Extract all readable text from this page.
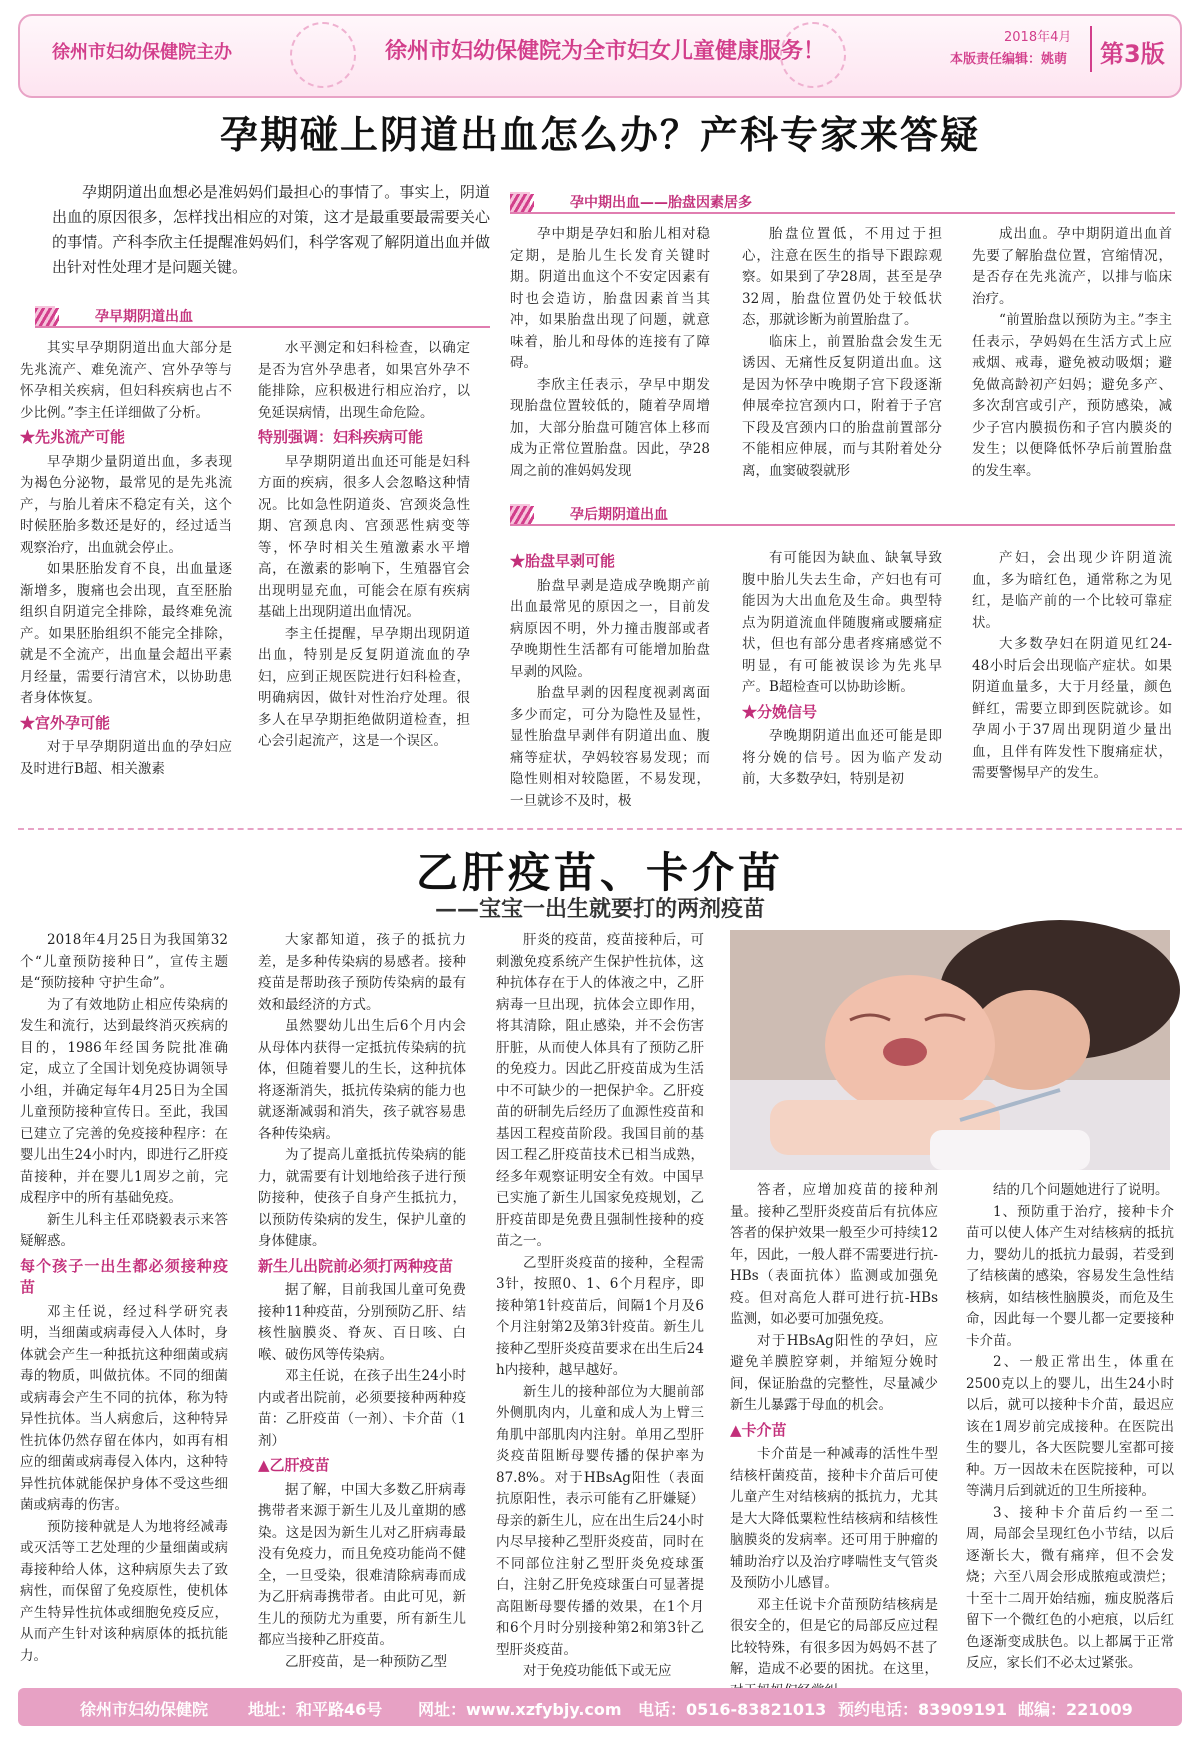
徐州市妇幼保健院主办	徐州市妇幼保健院为全市妇女儿童健康服务！
2018年4月
本版责任编辑：姚萌 第3版
孕期碰上阴道出血怎么办？产科专家来答疑

孕期阴道出血想必是准妈妈们最担心的事情了。事实上，阴道出血的原因很多，怎样找出相应的对策，这才是最重要最需要关心的事情。产科李欣主任提醒准妈妈们，科学客观了解阴道出血并做出针对性处理才是问题关键。

孕早期阴道出血

其实早孕期阴道出血大部分是先兆流产、难免流产、宫外孕等与怀孕相关疾病，但妇科疾病也占不少比例。”李主任详细做了分析。

★先兆流产可能

早孕期少量阴道出血，多表现为褐色分泌物，最常见的是先兆流产，与胎儿着床不稳定有关，这个时候胚胎多数还是好的，经过适当观察治疗，出血就会停止。

如果胚胎发育不良，出血量逐渐增多，腹痛也会出现，直至胚胎组织自阴道完全排除，最终难免流产。如果胚胎组织不能完全排除，就是不全流产，出血量会超出平素月经量，需要行清宫术，以协助患者身体恢复。

★宫外孕可能

对于早孕期阴道出血的孕妇应及时进行B超、相关激素

水平测定和妇科检查，以确定是否为宫外孕患者，如果宫外孕不能排除，应积极进行相应治疗，以免延误病情，出现生命危险。

特别强调：妇科疾病可能

早孕期阴道出血还可能是妇科方面的疾病，很多人会忽略这种情况。比如急性阴道炎、宫颈炎急性期、宫颈息肉、宫颈恶性病变等等，怀孕时相关生殖激素水平增高，在激素的影响下，生殖器官会出现明显充血，可能会在原有疾病基础上出现阴道出血情况。

李主任提醒，早孕期出现阴道出血，特别是反复阴道流血的孕妇，应到正规医院进行妇科检查，明确病因，做针对性治疗处理。很多人在早孕期拒绝做阴道检查，担心会引起流产，这是一个误区。

孕中期出血——胎盘因素居多

孕中期是孕妇和胎儿相对稳定期，是胎儿生长发育关键时期。阴道出血这个不安定因素有时也会造访，胎盘因素首当其冲，如果胎盘出现了问题，就意味着，胎儿和母体的连接有了障碍。

李欣主任表示，孕早中期发现胎盘位置较低的，随着孕周增加，大部分胎盘可随宫体上移而成为正常位置胎盘。因此，孕28周之前的准妈妈发现

胎盘位置低，不用过于担心，注意在医生的指导下跟踪观察。如果到了孕28周，甚至是孕32周，胎盘位置仍处于较低状态，那就诊断为前置胎盘了。

临床上，前置胎盘会发生无诱因、无痛性反复阴道出血。这是因为怀孕中晚期子宫下段逐渐伸展牵拉宫颈内口，附着于子宫下段及宫颈内口的胎盘前置部分不能相应伸展，而与其附着处分离，血窦破裂就形

成出血。孕中期阴道出血首先要了解胎盘位置，宫缩情况，是否存在先兆流产，以排与临床治疗。

“前置胎盘以预防为主。”李主任表示，孕妈妈在生活方式上应戒烟、戒毒，避免被动吸烟；避免做高龄初产妇妈；避免多产、多次刮宫或引产，预防感染，减少子宫内膜损伤和子宫内膜炎的发生；以便降低怀孕后前置胎盘的发生率。

孕后期阴道出血

★胎盘早剥可能

胎盘早剥是造成孕晚期产前出血最常见的原因之一，目前发病原因不明，外力撞击腹部或者孕晚期性生活都有可能增加胎盘早剥的风险。

胎盘早剥的因程度视剥离面多少而定，可分为隐性及显性，显性胎盘早剥伴有阴道出血、腹痛等症状，孕妈较容易发现；而隐性则相对较隐匿，不易发现，一旦就诊不及时，极

有可能因为缺血、缺氧导致腹中胎儿失去生命，产妇也有可能因为大出血危及生命。典型特点为阴道流血伴随腹痛或腰痛症状，但也有部分患者疼痛感觉不明显，有可能被误诊为先兆早产。B超检查可以协助诊断。

★分娩信号

孕晚期阴道出血还可能是即将分娩的信号。因为临产发动前，大多数孕妇，特别是初

产妇，会出现少许阴道流血，多为暗红色，通常称之为见红，是临产前的一个比较可靠症状。

大多数孕妇在阴道见红24-48小时后会出现临产症状。如果阴道血量多，大于月经量，颜色鲜红，需要立即到医院就诊。如孕周小于37周出现阴道少量出血，且伴有阵发性下腹痛症状，需要警惕早产的发生。

乙肝疫苗、卡介苗
——宝宝一出生就要打的两剂疫苗

2018年4月25日为我国第32个“儿童预防接种日”，宣传主题是“预防接种 守护生命”。

为了有效地防止相应传染病的发生和流行，达到最终消灭疾病的目的，1986年经国务院批准确定，成立了全国计划免疫协调领导小组，并确定每年4月25日为全国儿童预防接种宣传日。至此，我国已建立了完善的免疫接种程序：在婴儿出生24小时内，即进行乙肝疫苗接种，并在婴儿1周岁之前，完成程序中的所有基础免疫。

新生儿科主任邓晓毅表示来答疑解惑。

每个孩子一出生都必须接种疫苗

邓主任说，经过科学研究表明，当细菌或病毒侵入人体时，身体就会产生一种抵抗这种细菌或病毒的物质，叫做抗体。不同的细菌或病毒会产生不同的抗体，称为特异性抗体。当人病愈后，这种特异性抗体仍然存留在体内，如再有相应的细菌或病毒侵入体内，这种特异性抗体就能保护身体不受这些细菌或病毒的伤害。

预防接种就是人为地将经减毒或灭活等工艺处理的少量细菌或病毒接种给人体，这种病原失去了致病性，而保留了免疫原性，使机体产生特异性抗体或细胞免疫反应，从而产生针对该种病原体的抵抗能力。

大家都知道，孩子的抵抗力差，是多种传染病的易感者。接种疫苗是帮助孩子预防传染病的最有效和最经济的方式。

虽然婴幼儿出生后6个月内会从母体内获得一定抵抗传染病的抗体，但随着婴儿的生长，这种抗体将逐渐消失，抵抗传染病的能力也就逐渐减弱和消失，孩子就容易患各种传染病。

为了提高儿童抵抗传染病的能力，就需要有计划地给孩子进行预防接种，使孩子自身产生抵抗力，以预防传染病的发生，保护儿童的身体健康。

新生儿出院前必须打两种疫苗

据了解，目前我国儿童可免费接种11种疫苗，分别预防乙肝、结核性脑膜炎、脊灰、百日咳、白喉、破伤风等传染病。

邓主任说，在孩子出生24小时内或者出院前，必须要接种两种疫苗：乙肝疫苗（一剂）、卡介苗（1剂）

▲乙肝疫苗

据了解，中国大多数乙肝病毒携带者来源于新生儿及儿童期的感染。这是因为新生儿对乙肝病毒最没有免疫力，而且免疫功能尚不健全，一旦受染，很难清除病毒而成为乙肝病毒携带者。由此可见，新生儿的预防尤为重要，所有新生儿都应当接种乙肝疫苗。

乙肝疫苗，是一种预防乙型

肝炎的疫苗，疫苗接种后，可刺激免疫系统产生保护性抗体，这种抗体存在于人的体液之中，乙肝病毒一旦出现，抗体会立即作用，将其清除，阻止感染，并不会伤害肝脏，从而使人体具有了预防乙肝的免疫力。因此乙肝疫苗成为生活中不可缺少的一把保护伞。乙肝疫苗的研制先后经历了血源性疫苗和基因工程疫苗阶段。我国目前的基因工程乙肝疫苗技术已相当成熟，经多年观察证明安全有效。中国早已实施了新生儿国家免疫规划，乙肝疫苗即是免费且强制性接种的疫苗之一。

乙型肝炎疫苗的接种，全程需3针，按照0、1、6个月程序，即接种第1针疫苗后，间隔1个月及6个月注射第2及第3针疫苗。新生儿接种乙型肝炎疫苗要求在出生后24 h内接种，越早越好。

新生儿的接种部位为大腿前部外侧肌肉内，儿童和成人为上臂三角肌中部肌肉内注射。单用乙型肝炎疫苗阻断母婴传播的保护率为87.8%。对于HBsAg阳性（表面抗原阳性，表示可能有乙肝嫌疑）母亲的新生儿，应在出生后24小时内尽早接种乙型肝炎疫苗，同时在不同部位注射乙型肝炎免疫球蛋白，注射乙肝免疫球蛋白可显著提高阻断母婴传播的效果，在1个月和6个月时分别接种第2和第3针乙型肝炎疫苗。

对于免疫功能低下或无应

答者，应增加疫苗的接种剂量。接种乙型肝炎疫苗后有抗体应答者的保护效果一般至少可持续12年，因此，一般人群不需要进行抗-HBs（表面抗体）监测或加强免疫。但对高危人群可进行抗-HBs监测，如必要可加强免疫。

对于HBsAg阳性的孕妇，应避免羊膜腔穿刺，并缩短分娩时间，保证胎盘的完整性，尽量减少新生儿暴露于母血的机会。

▲卡介苗

卡介苗是一种减毒的活性牛型结核杆菌疫苗，接种卡介苗后可使儿童产生对结核病的抵抗力，尤其是大大降低粟粒性结核病和结核性脑膜炎的发病率。还可用于肿瘤的辅助治疗以及治疗哮喘性支气管炎及预防小儿感冒。

邓主任说卡介苗预防结核病是很安全的，但是它的局部反应过程比较特殊，有很多因为妈妈不甚了解，造成不必要的困扰。在这里，

结的几个问题她进行了说明。

1、预防重于治疗，接种卡介苗可以使人体产生对结核病的抵抗力，婴幼儿的抵抗力最弱，若受到了结核菌的感染，容易发生急性结核病，如结核性脑膜炎，而危及生命，因此每一个婴儿都一定要接种卡介苗。

2、一般正常出生，体重在2500克以上的婴儿，出生24小时以后，就可以接种卡介苗，最迟应该在1周岁前完成接种。在医院出生的婴儿，各大医院婴儿室都可接种。万一因故未在医院接种，可以等满月后到就近的卫生所接种。

3、接种卡介苗后约一至二周，局部会呈现红色小节结，以后逐渐长大，微有痛痒，但不会发烧；六至八周会形成脓疱或溃烂；十至十二周开始结痂，痂皮脱落后留下一个微红色的小疤痕，以后红色逐渐变成肤色。以上都属于正常反应，家长们不必太过紧张。

徐州市妇幼保健院 地址：和平路46号 网址：www.xzfybjy.com 电话：0516-83821013 预约电话：83909191 邮编：221009
